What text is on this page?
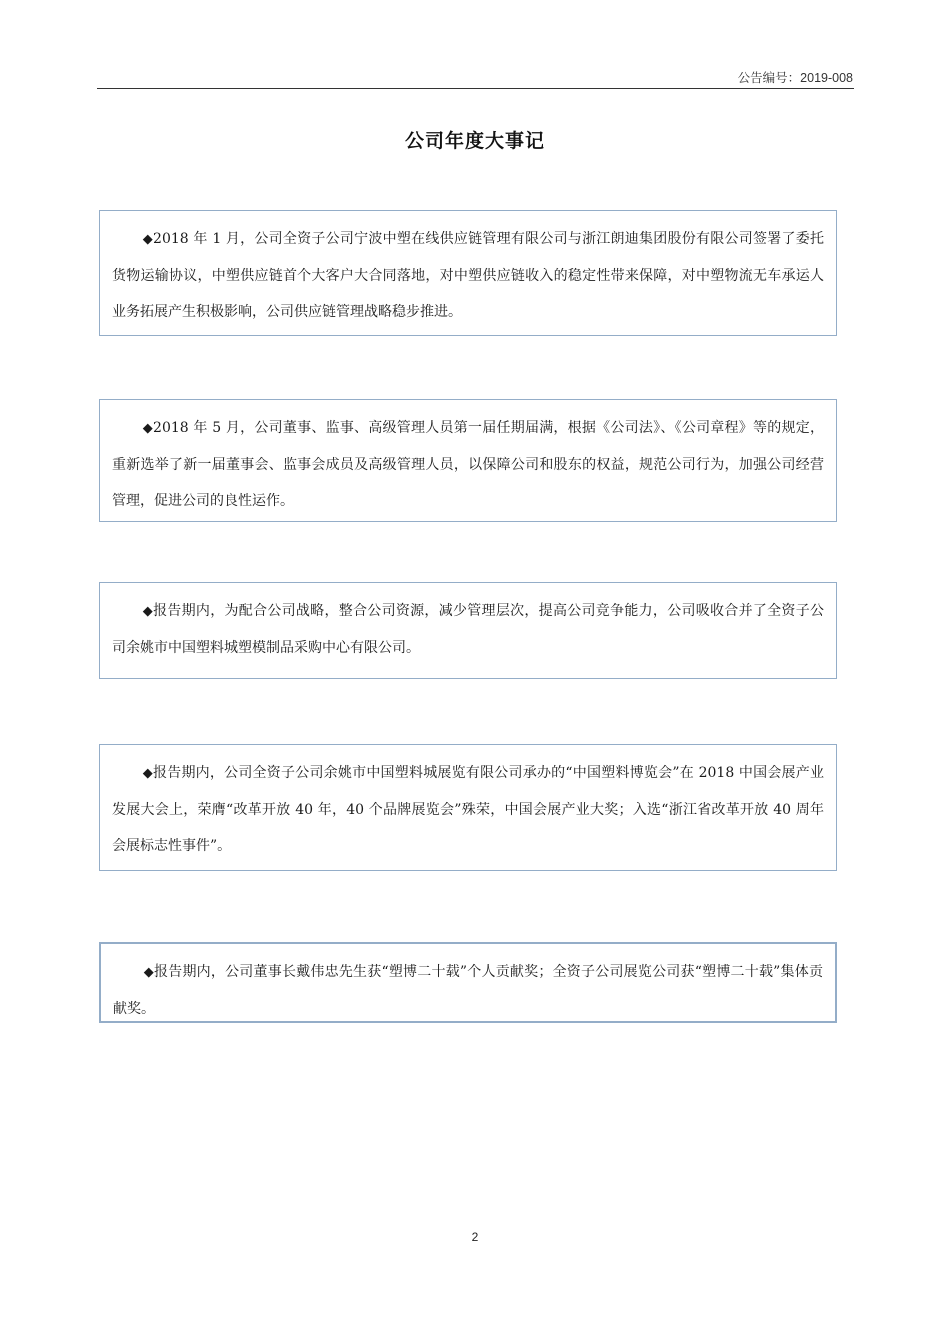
公告编号：2019-008
公司年度大事记
◆2018 年 1 月，公司全资子公司宁波中塑在线供应链管理有限公司与浙江朗迪集团股份有限公司签署了委托货物运输协议，中塑供应链首个大客户大合同落地，对中塑供应链收入的稳定性带来保障，对中塑物流无车承运人业务拓展产生积极影响，公司供应链管理战略稳步推进。
◆2018 年 5 月，公司董事、监事、高级管理人员第一届任期届满，根据《公司法》、《公司章程》等的规定，重新选举了新一届董事会、监事会成员及高级管理人员，以保障公司和股东的权益，规范公司行为，加强公司经营管理，促进公司的良性运作。
◆报告期内，为配合公司战略，整合公司资源，减少管理层次，提高公司竞争能力，公司吸收合并了全资子公司余姚市中国塑料城塑模制品采购中心有限公司。
◆报告期内，公司全资子公司余姚市中国塑料城展览有限公司承办的“中国塑料博览会”在 2018 中国会展产业发展大会上，荣膺“改革开放 40 年，40 个品牌展览会”殊荣，中国会展产业大奖；入选“浙江省改革开放 40 周年会展标志性事件”。
◆报告期内，公司董事长戴伟忠先生获“塑博二十载”个人贡献奖；全资子公司展览公司获“塑博二十载”集体贡献奖。
2
